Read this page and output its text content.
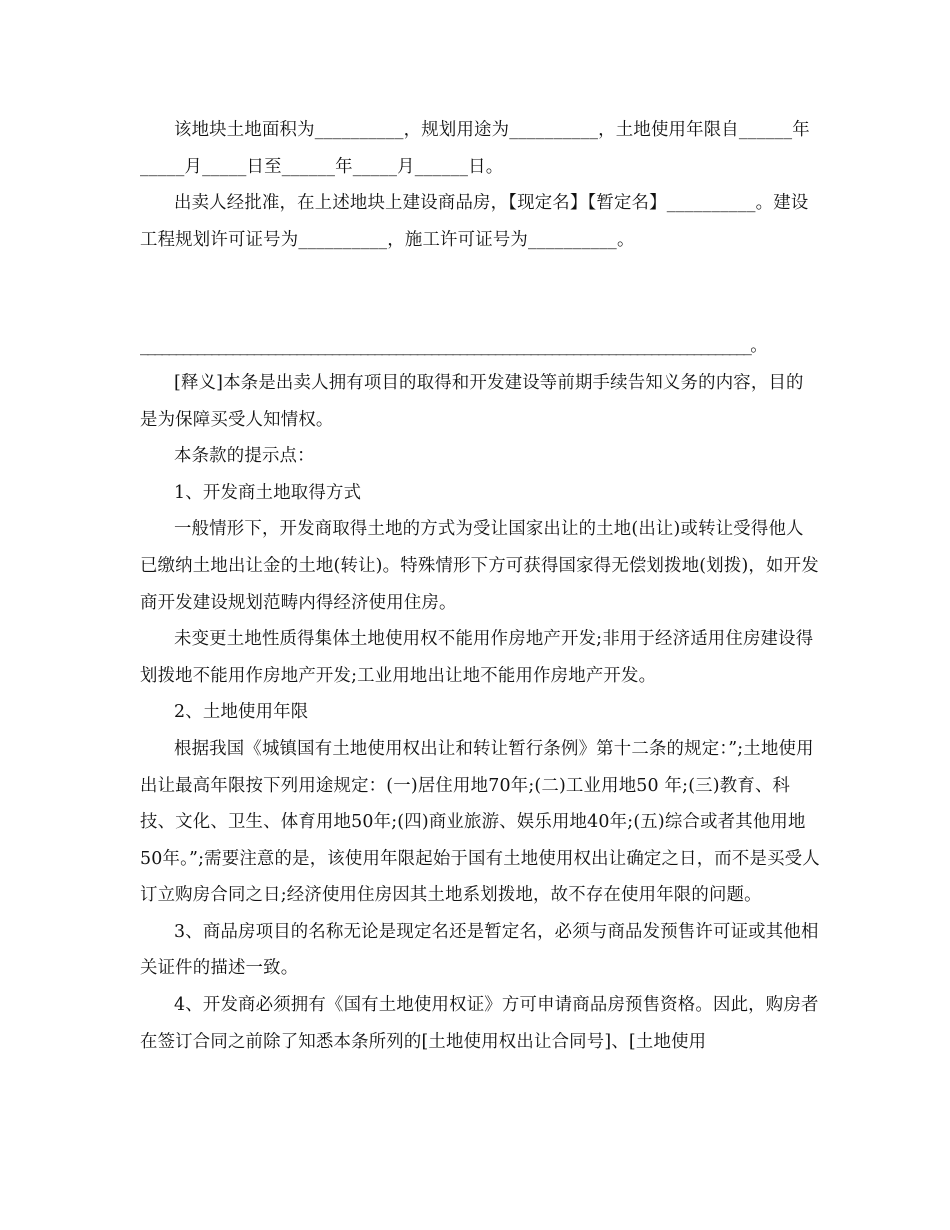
该地块土地面积为__________，规划用途为__________，土地使用年限自______年_____月_____日至______年_____月______日。

出卖人经批准，在上述地块上建设商品房，【现定名】【暂定名】__________。建设工程规划许可证号为__________，施工许可证号为__________。

______________________________________________________________________________________。

[释义]本条是出卖人拥有项目的取得和开发建设等前期手续告知义务的内容，目的是为保障买受人知情权。

本条款的提示点：

1、开发商土地取得方式

一般情形下，开发商取得土地的方式为受让国家出让的土地(出让)或转让受得他人已缴纳土地出让金的土地(转让)。特殊情形下方可获得国家得无偿划拨地(划拨)，如开发商开发建设规划范畴内得经济使用住房。

未变更土地性质得集体土地使用权不能用作房地产开发;非用于经济适用住房建设得划拨地不能用作房地产开发;工业用地出让地不能用作房地产开发。

2、土地使用年限

根据我国《城镇国有土地使用权出让和转让暂行条例》第十二条的规定：”;土地使用出让最高年限按下列用途规定：(一)居住用地70年;(二)工业用地50 年;(三)教育、科技、文化、卫生、体育用地50年;(四)商业旅游、娱乐用地40年;(五)综合或者其他用地50年。”;需要注意的是，该使用年限起始于国有土地使用权出让确定之日，而不是买受人订立购房合同之日;经济使用住房因其土地系划拨地，故不存在使用年限的问题。

3、商品房项目的名称无论是现定名还是暂定名，必须与商品发预售许可证或其他相关证件的描述一致。

4、开发商必须拥有《国有土地使用权证》方可申请商品房预售资格。因此，购房者在签订合同之前除了知悉本条所列的[土地使用权出让合同号]、[土地使用
